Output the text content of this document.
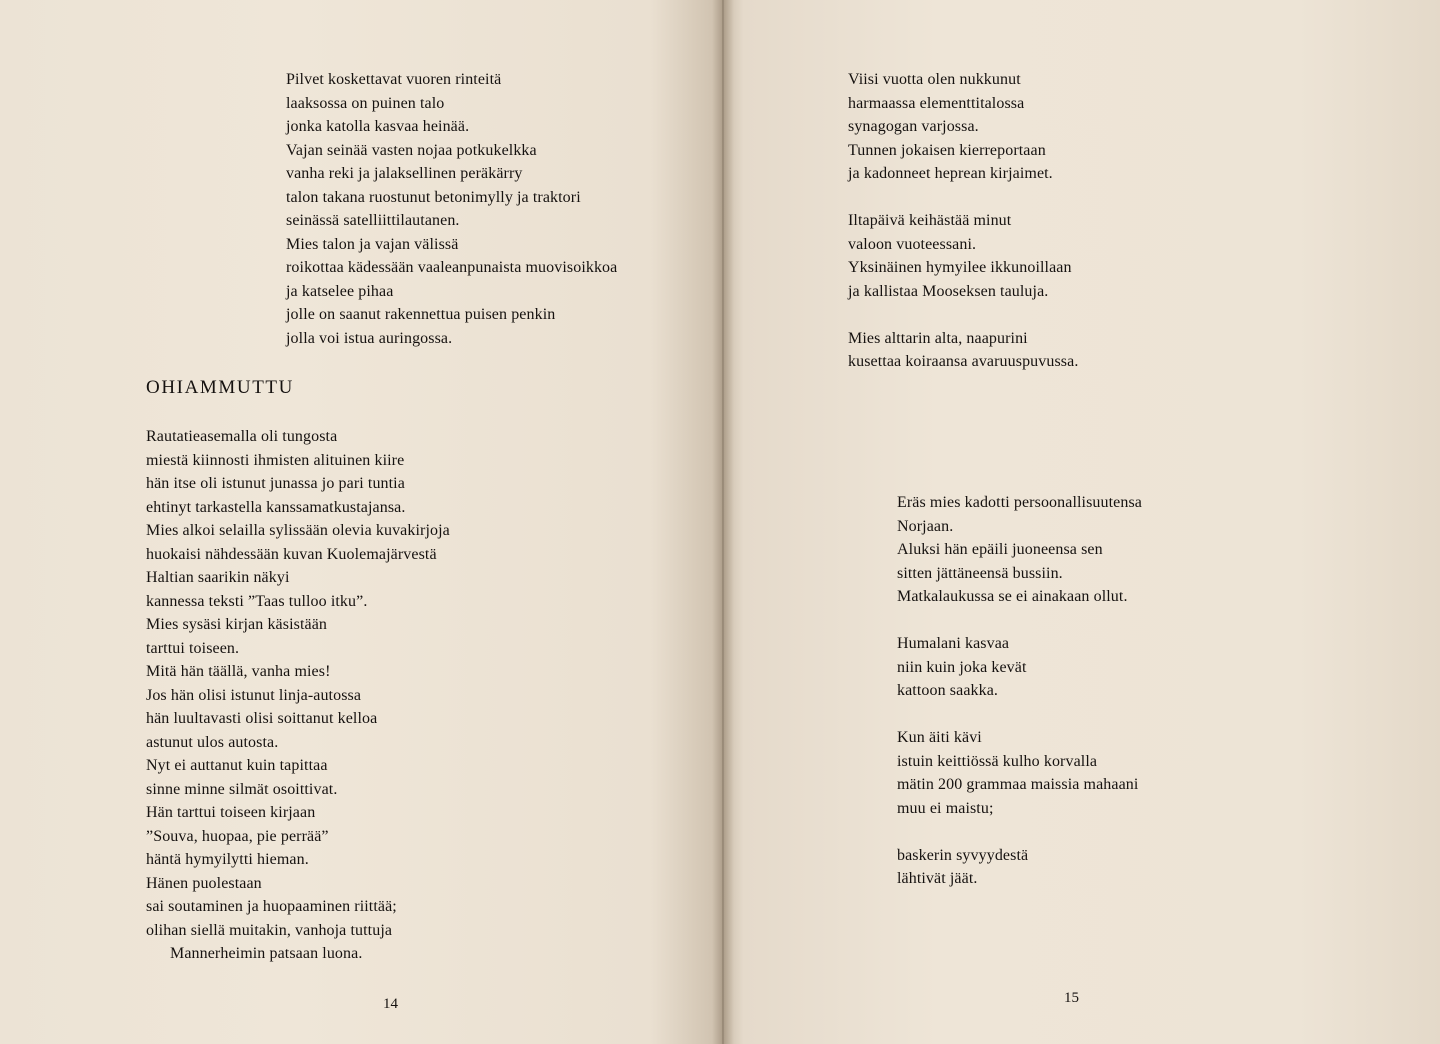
Pilvet koskettavat vuoren rinteitä
laaksossa on puinen talo
jonka katolla kasvaa heinää.
Vajan seinää vasten nojaa potkukelkka
vanha reki ja jalaksellinen peräkärry
talon takana ruostunut betonimylly ja traktori
seinässä satelliittilautanen.
Mies talon ja vajan välissä
roikottaa kädessään vaaleanpunaista muovisoikkoa
ja katselee pihaa
jolle on saanut rakennettua puisen penkin
jolla voi istua auringossa.
OHIAMMUTTU
Rautatieasemalla oli tungosta
miestä kiinnosti ihmisten alituinen kiire
hän itse oli istunut junassa jo pari tuntia
ehtinyt tarkastella kanssamatkustajansa.
Mies alkoi selailla sylissään olevia kuvakirjoja
huokaisi nähdessään kuvan Kuolemajärvestä
Haltian saarikin näkyi
kannessa teksti ”Taas tulloo itku”.
Mies sysäsi kirjan käsistään
tarttui toiseen.
Mitä hän täällä, vanha mies!
Jos hän olisi istunut linja-autossa
hän luultavasti olisi soittanut kelloa
astunut ulos autosta.
Nyt ei auttanut kuin tapittaa
sinne minne silmät osoittivat.
Hän tarttui toiseen kirjaan
”Souva, huopaa, pie perrää”
häntä hymyilytti hieman.
Hänen puolestaan
sai soutaminen ja huopaaminen riittää;
olihan siellä muitakin, vanhoja tuttuja
Mannerheimin patsaan luona.
14
Viisi vuotta olen nukkunut
harmaassa elementtitalossa
synagogan varjossa.
Tunnen jokaisen kierreportaan
ja kadonneet heprean kirjaimet.
Iltapäivä keihästää minut
valoon vuoteessani.
Yksinäinen hymyilee ikkunoillaan
ja kallistaa Mooseksen tauluja.
Mies alttarin alta, naapurini
kusettaa koiraansa avaruuspuvussa.
Eräs mies kadotti persoonallisuutensa
Norjaan.
Aluksi hän epäili juoneensa sen
sitten jättäneensä bussiin.
Matkalaukussa se ei ainakaan ollut.
Humalani kasvaa
niin kuin joka kevät
kattoon saakka.
Kun äiti kävi
istuin keittiössä kulho korvalla
mätin 200 grammaa maissia mahaani
muu ei maistu;
baskerin syvyydestä
lähtivät jäät.
15
